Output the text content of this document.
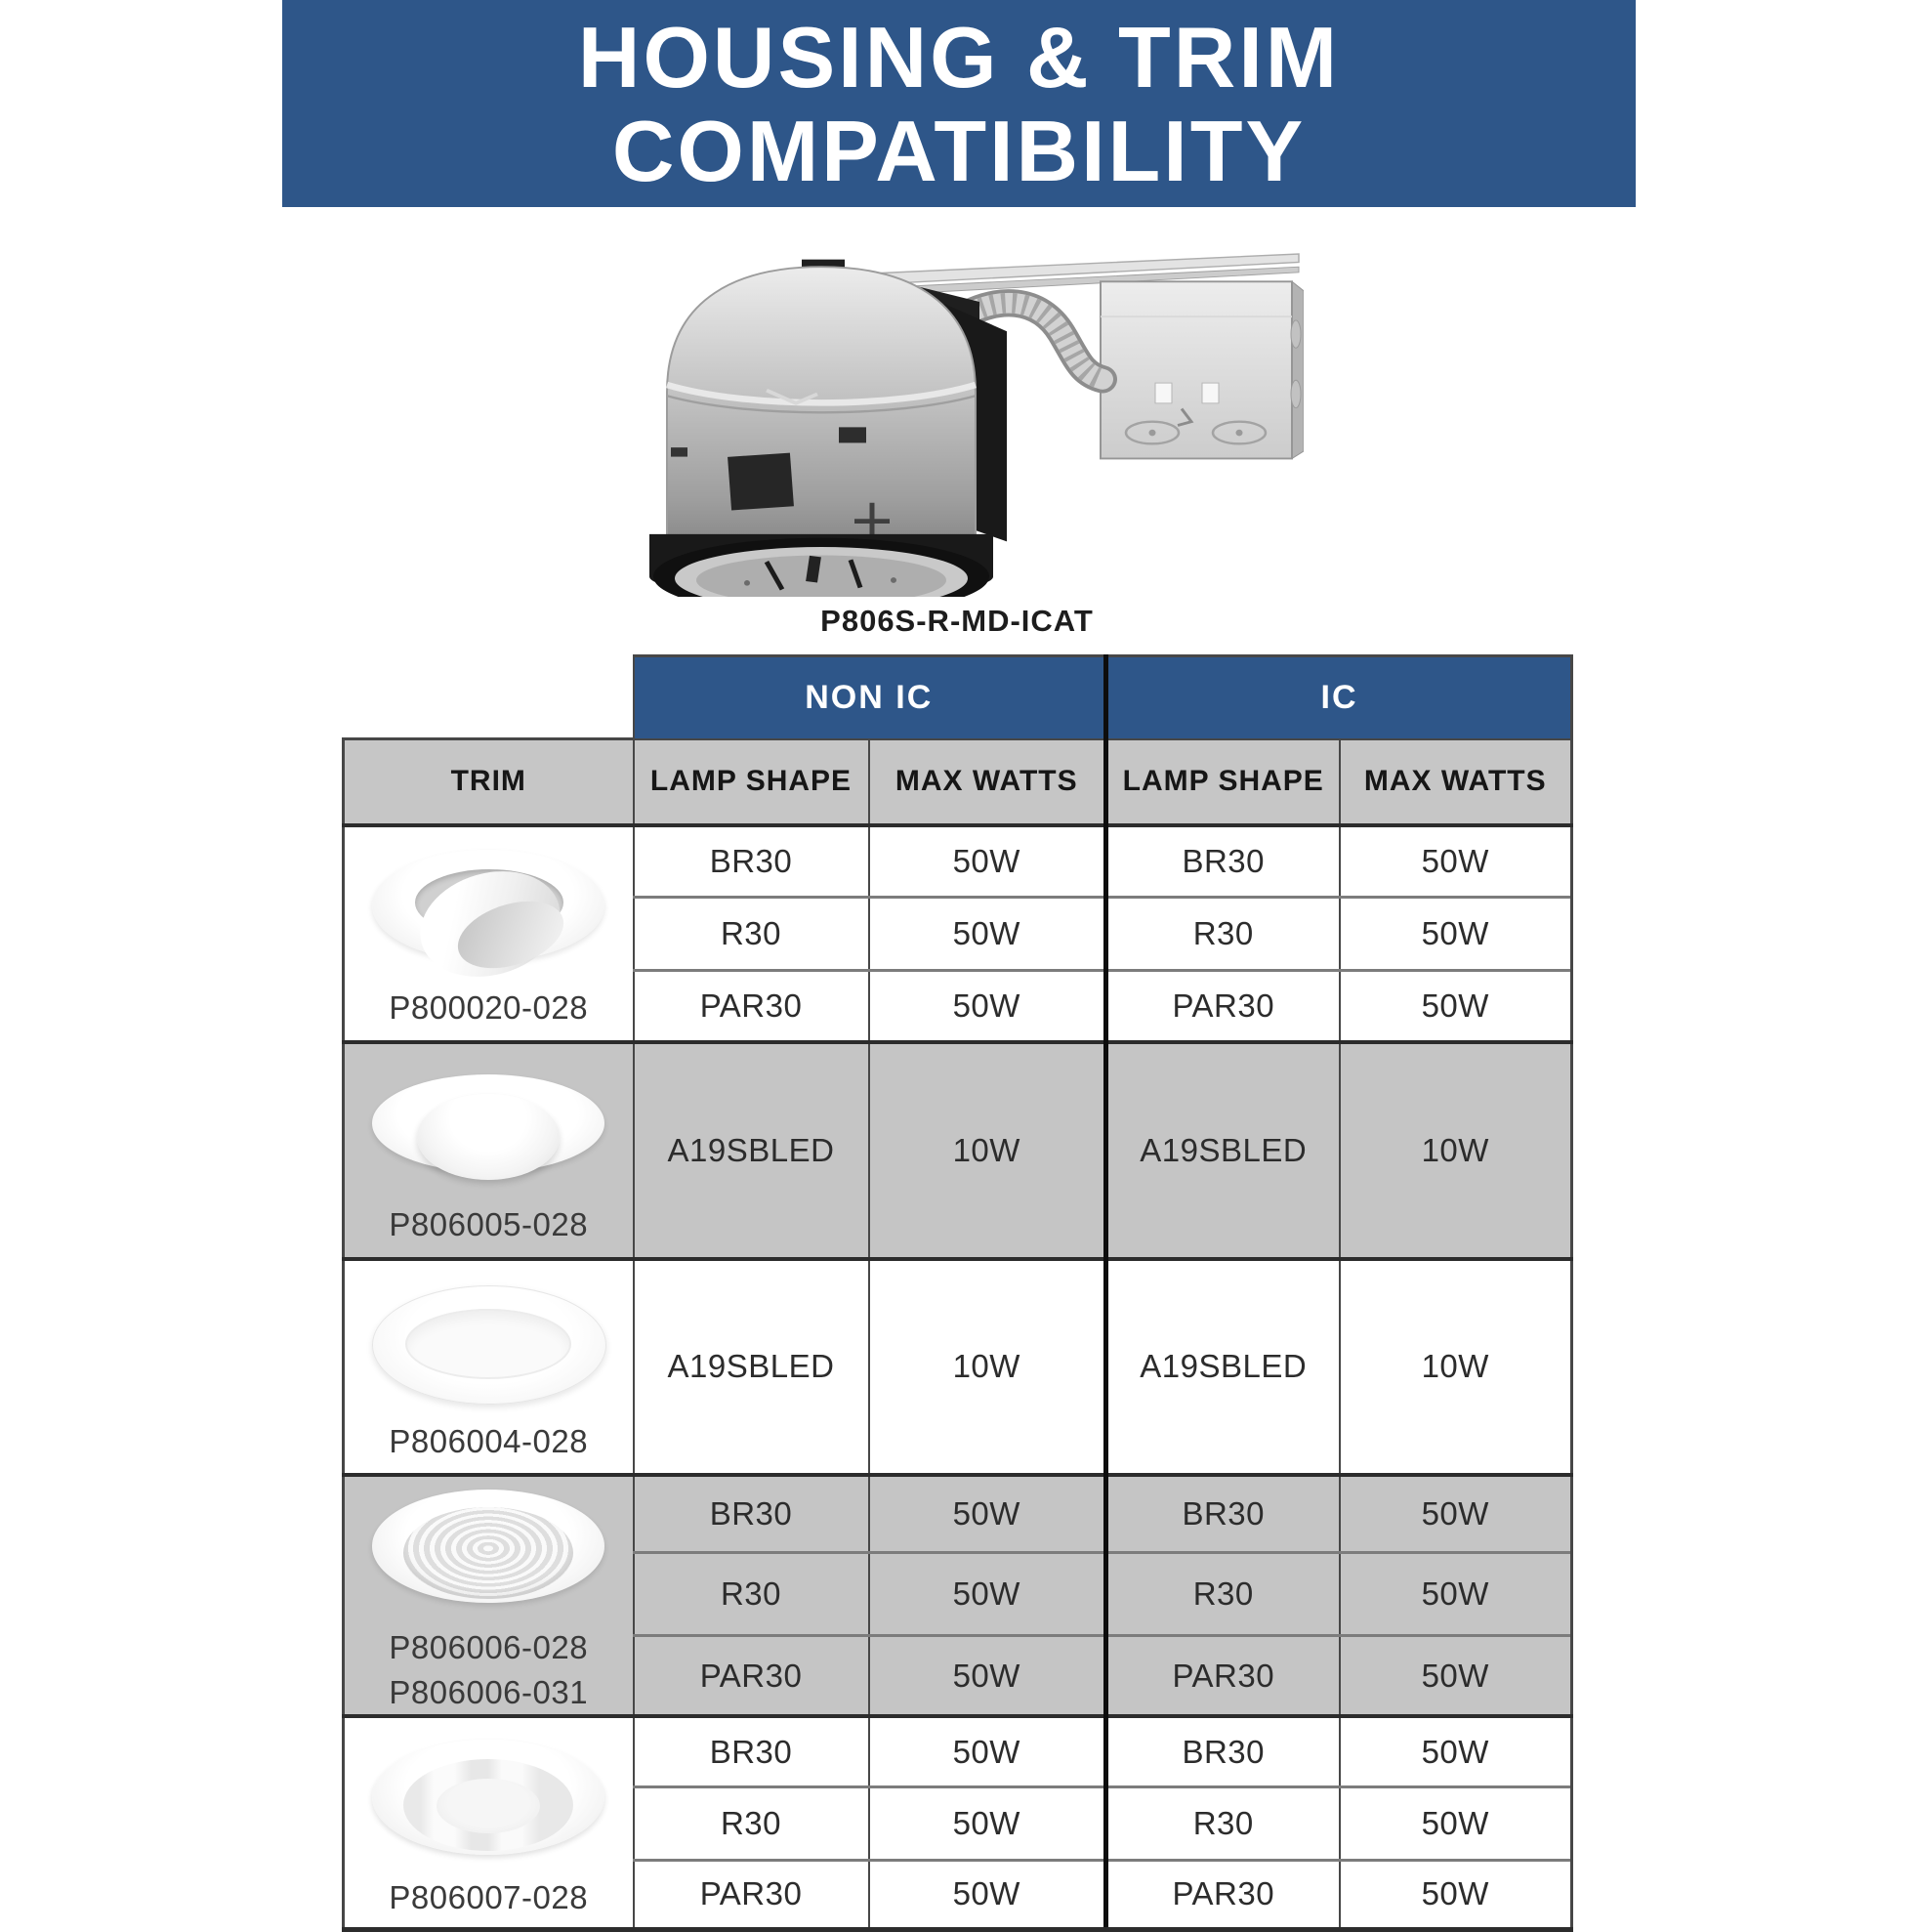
HOUSING & TRIM
COMPATIBILITY
P806S-R-MD-ICAT
	NON IC		IC	
TRIM	LAMP SHAPE	MAX WATTS	LAMP SHAPE	MAX WATTS

P800020-028	BR30	50W	BR30	50W
	R30	50W	R30	50W
	PAR30	50W	PAR30	50W

P806005-028	A19SBLED	10W	A19SBLED	10W

P806004-028	A19SBLED	10W	A19SBLED	10W

P806006-028
P806006-031	BR30	50W	BR30	50W
	R30	50W	R30	50W
	PAR30	50W	PAR30	50W

P806007-028	BR30	50W	BR30	50W
	R30	50W	R30	50W
	PAR30	50W	PAR30	50W
